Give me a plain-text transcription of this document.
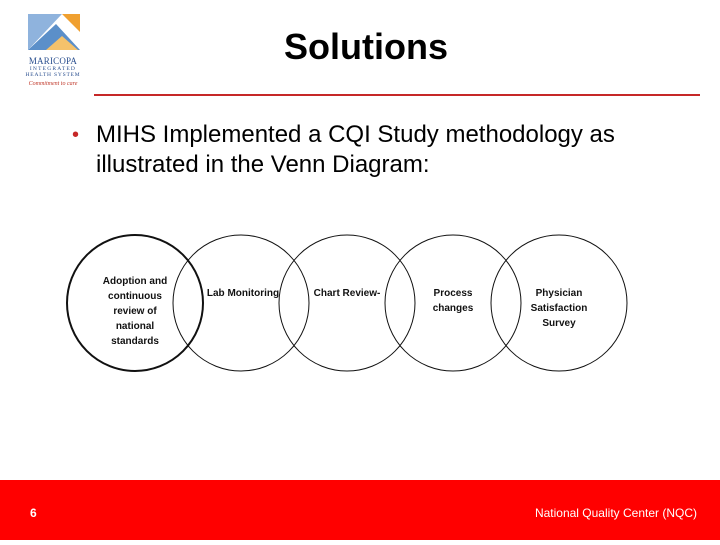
MARICOPA
INTEGRATED
HEALTH SYSTEM
Commitment to care
Solutions
• MIHS Implemented a CQI Study methodology as illustrated in the Venn Diagram:
Adoption and continuous review of national standards
Lab Monitoring	Chart Review-	Process changes
Physician Satisfaction Survey
6	National Quality Center (NQC)
